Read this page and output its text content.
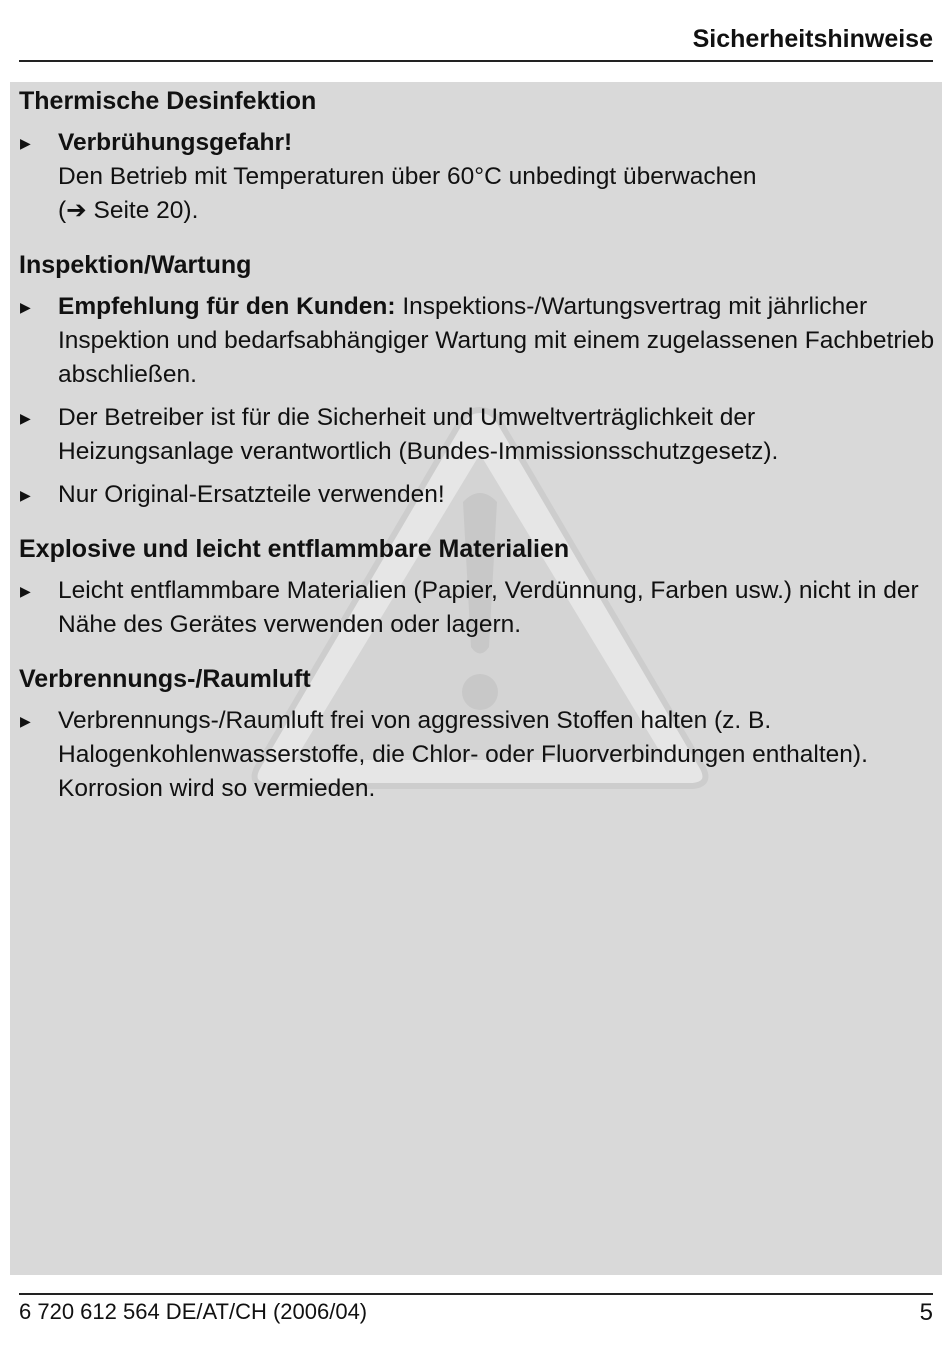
Sicherheitshinweise
Thermische Desinfektion
▶ Verbrühungsgefahr!
Den Betrieb mit Temperaturen über 60°C unbedingt überwachen
(➔ Seite 20).
Inspektion/Wartung
▶ Empfehlung für den Kunden: Inspektions-/Wartungsvertrag mit jährlicher Inspektion und bedarfsabhängiger Wartung mit einem zugelassenen Fachbetrieb abschließen.
▶ Der Betreiber ist für die Sicherheit und Umweltverträglichkeit der Heizungsanlage verantwortlich (Bundes-Immissionsschutzgesetz).
▶ Nur Original-Ersatzteile verwenden!
Explosive und leicht entflammbare Materialien
▶ Leicht entflammbare Materialien (Papier, Verdünnung, Farben usw.) nicht in der Nähe des Gerätes verwenden oder lagern.
Verbrennungs-/Raumluft
▶ Verbrennungs-/Raumluft frei von aggressiven Stoffen halten (z. B. Halogenkohlenwasserstoffe, die Chlor- oder Fluorverbindungen enthalten). Korrosion wird so vermieden.
6 720 612 564 DE/AT/CH (2006/04)	5
